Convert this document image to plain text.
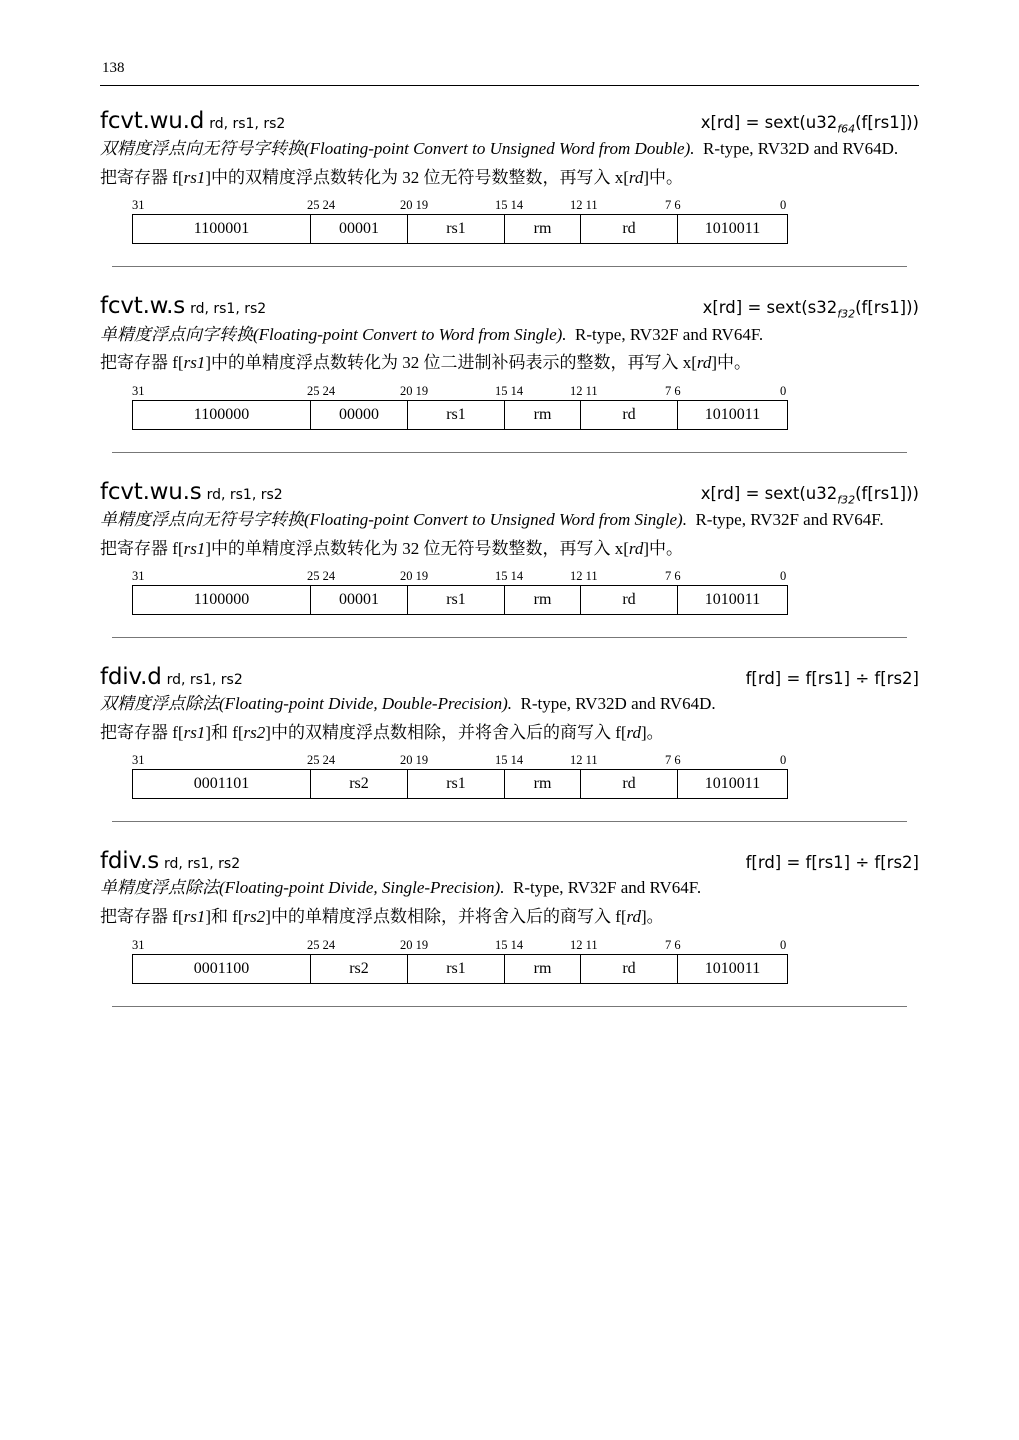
138
fcvt.wu.d rd, rs1, rs2	$x[rd] = sext(u32_{f64}(f[rs1]))$

双精度浮点向无符号字转换(Floating-point Convert to Unsigned Word from Double). R-type, RV32D and RV64D.

把寄存器 f[rs1]中的双精度浮点数转化为 32 位无符号数整数，再写入 x[rd]中。

31	25 24	20 19	15 14	12 11	7 6	0
1100001	00001	rs1	rm	rd	1010011
fcvt.w.s rd, rs1, rs2	$x[rd] = sext(s32_{f32}(f[rs1]))$

单精度浮点向字转换(Floating-point Convert to Word from Single). R-type, RV32F and RV64F.

把寄存器 f[rs1]中的单精度浮点数转化为 32 位二进制补码表示的整数，再写入 x[rd]中。

31	25 24	20 19	15 14	12 11	7 6	0
1100000	00000	rs1	rm	rd	1010011
fcvt.wu.s rd, rs1, rs2	$x[rd] = sext(u32_{f32}(f[rs1]))$

单精度浮点向无符号字转换(Floating-point Convert to Unsigned Word from Single). R-type, RV32F and RV64F.

把寄存器 f[rs1]中的单精度浮点数转化为 32 位无符号数整数，再写入 x[rd]中。

31	25 24	20 19	15 14	12 11	7 6	0
1100000	00001	rs1	rm	rd	1010011
fdiv.d rd, rs1, rs2	f[rd] = f[rs1] ÷ f[rs2]

双精度浮点除法(Floating-point Divide, Double-Precision). R-type, RV32D and RV64D.

把寄存器 f[rs1]和 f[rs2]中的双精度浮点数相除，并将舍入后的商写入 f[rd]。

31	25 24	20 19	15 14	12 11	7 6	0
0001101	rs2	rs1	rm	rd	1010011
fdiv.s rd, rs1, rs2	f[rd] = f[rs1] ÷ f[rs2]

单精度浮点除法(Floating-point Divide, Single-Precision). R-type, RV32F and RV64F.

把寄存器 f[rs1]和 f[rs2]中的单精度浮点数相除，并将舍入后的商写入 f[rd]。

31	25 24	20 19	15 14	12 11	7 6	0
0001100	rs2	rs1	rm	rd	1010011
